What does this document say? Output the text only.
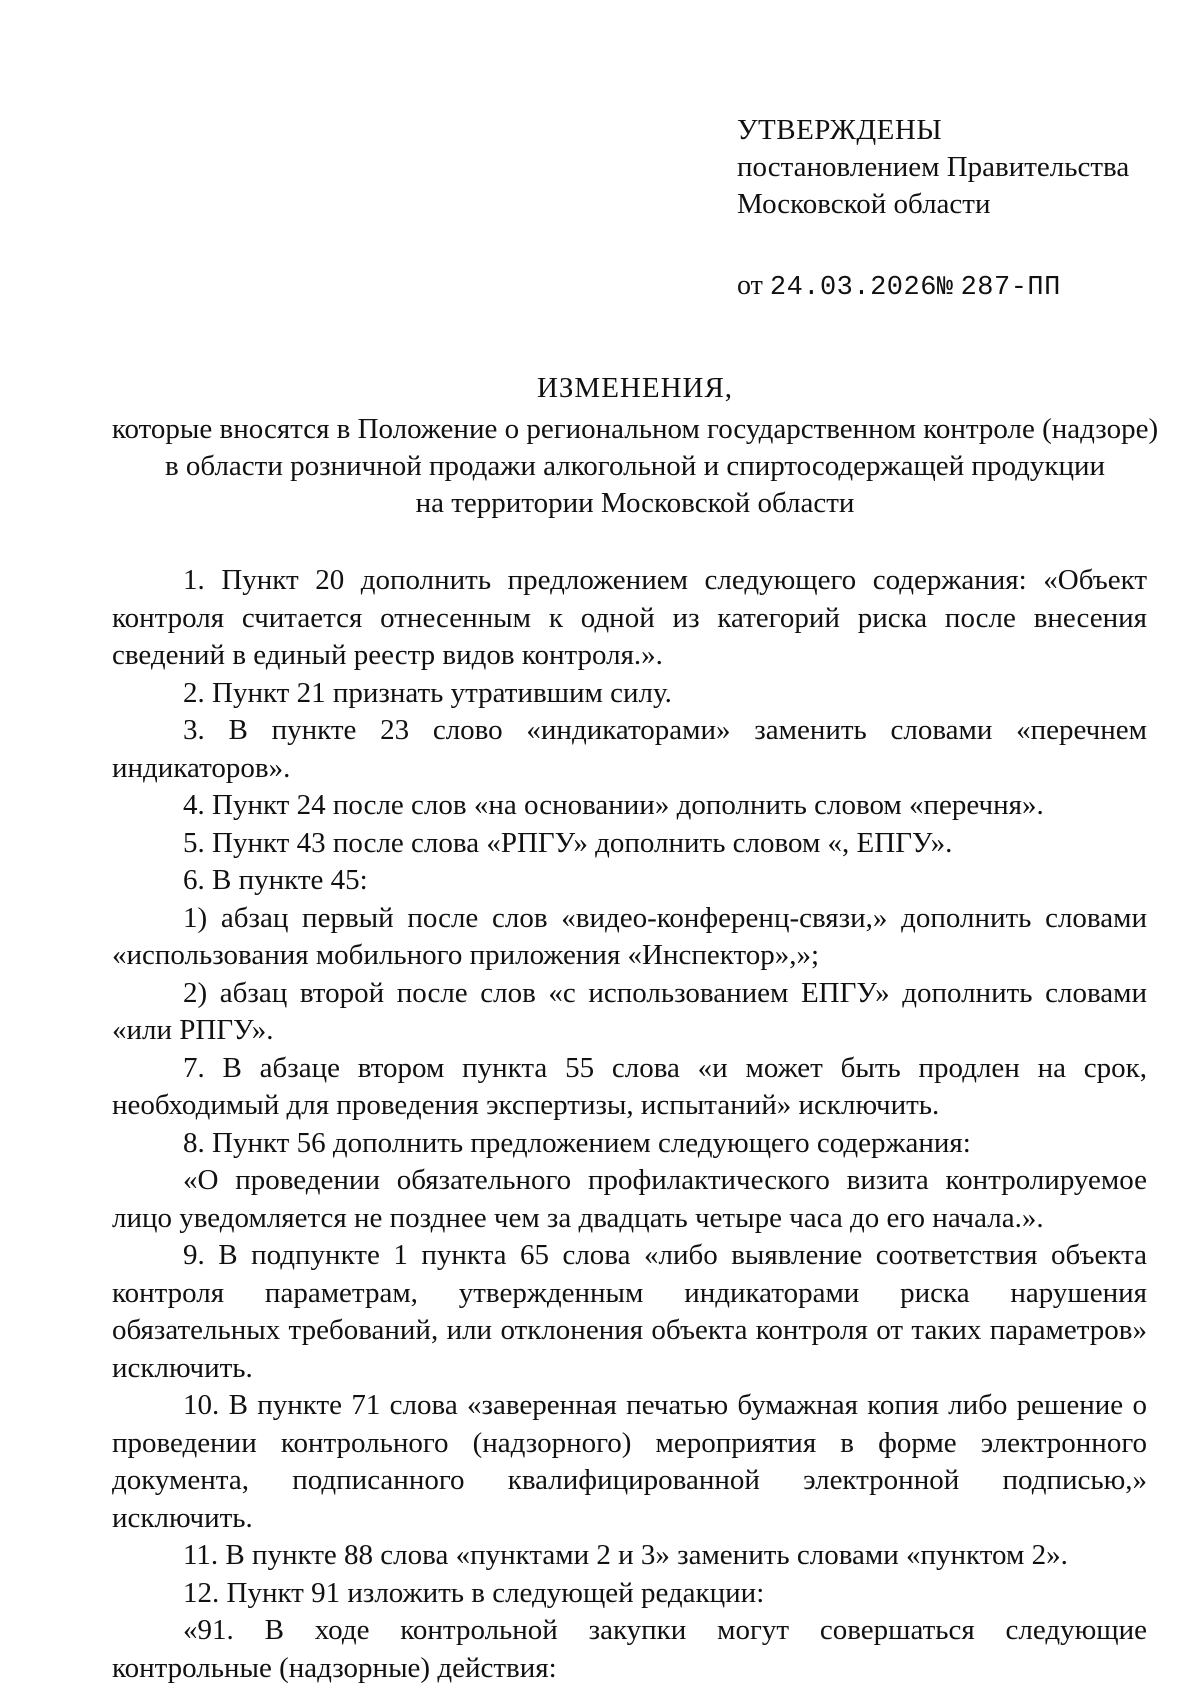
УТВЕРЖДЕНЫ
постановлением Правительства
Московской области
от 24.03.2026№ 287-ПП
ИЗМЕНЕНИЯ,
которые вносятся в Положение о региональном государственном контроле (надзоре)
в области розничной продажи алкогольной и спиртосодержащей продукции
на территории Московской области

1. Пункт 20 дополнить предложением следующего содержания: «Объект контроля считается отнесенным к одной из категорий риска после внесения сведений в единый реестр видов контроля.».

2. Пункт 21 признать утратившим силу.

3. В пункте 23 слово «индикаторами» заменить словами «перечнем индикаторов».

4. Пункт 24 после слов «на основании» дополнить словом «перечня».

5. Пункт 43 после слова «РПГУ» дополнить словом «, ЕПГУ».

6. В пункте 45:

1) абзац первый после слов «видео-конференц-связи,» дополнить словами «использования мобильного приложения «Инспектор»,»;

2) абзац второй после слов «с использованием ЕПГУ» дополнить словами «или РПГУ».

7. В абзаце втором пункта 55 слова «и может быть продлен на срок, необходимый для проведения экспертизы, испытаний» исключить.

8. Пункт 56 дополнить предложением следующего содержания:

«О проведении обязательного профилактического визита контролируемое лицо уведомляется не позднее чем за двадцать четыре часа до его начала.».

9. В подпункте 1 пункта 65 слова «либо выявление соответствия объекта контроля параметрам, утвержденным индикаторами риска нарушения обязательных требований, или отклонения объекта контроля от таких параметров» исключить.

10. В пункте 71 слова «заверенная печатью бумажная копия либо решение о проведении контрольного (надзорного) мероприятия в форме электронного документа, подписанного квалифицированной электронной подписью,» исключить.

11. В пункте 88 слова «пунктами 2 и 3» заменить словами «пунктом 2».

12. Пункт 91 изложить в следующей редакции:

«91. В ходе контрольной закупки могут совершаться следующие контрольные (надзорные) действия:
